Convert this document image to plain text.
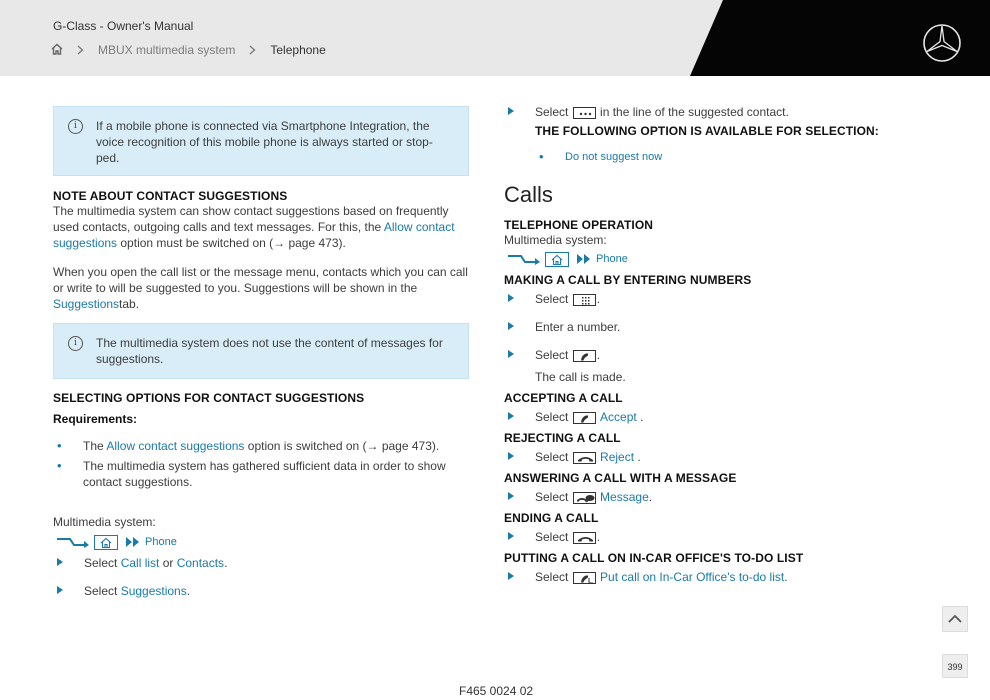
G-Class - Owner's Manual
MBUX multimedia system	Telephone
i	If a mobile phone is connected via Smartphone Integration, the voice recognition of this mobile phone is always started or stop-ped.

NOTE ABOUT CONTACT SUGGESTIONS

The multimedia system can show contact suggestions based on frequently used contacts, outgoing calls and text messages. For this, the Allow contact suggestions option must be switched on (→ page 473).

When you open the call list or the message menu, contacts which you can call or write to will be suggested to you. Suggestions will be shown in the Suggestionstab.

i	The multimedia system does not use the content of messages for suggestions.

SELECTING OPTIONS FOR CONTACT SUGGESTIONS
Requirements:
• The Allow contact suggestions option is switched on (→ page 473).
• The multimedia system has gathered sufficient data in order to show contact suggestions.

Multimedia system:

Phone
Select Call list or Contacts.
Select Suggestions.
Select
in the line of the suggested contact.
THE FOLLOWING OPTION IS AVAILABLE FOR SELECTION:
• Do not suggest now
Calls
TELEPHONE OPERATION

Multimedia system:

Phone
MAKING A CALL BY ENTERING NUMBERS
Select .
Enter a number.
Select .

The call is made.

ACCEPTING A CALL
Select	Accept .
REJECTING A CALL
Select	Reject .
ANSWERING A CALL WITH A MESSAGE
Select	Message.
ENDING A CALL
Select .
PUTTING A CALL ON IN-CAR OFFICE'S TO-DO LIST
Select	Put call on In-Car Office's to-do list.
399
F465 0024 02
